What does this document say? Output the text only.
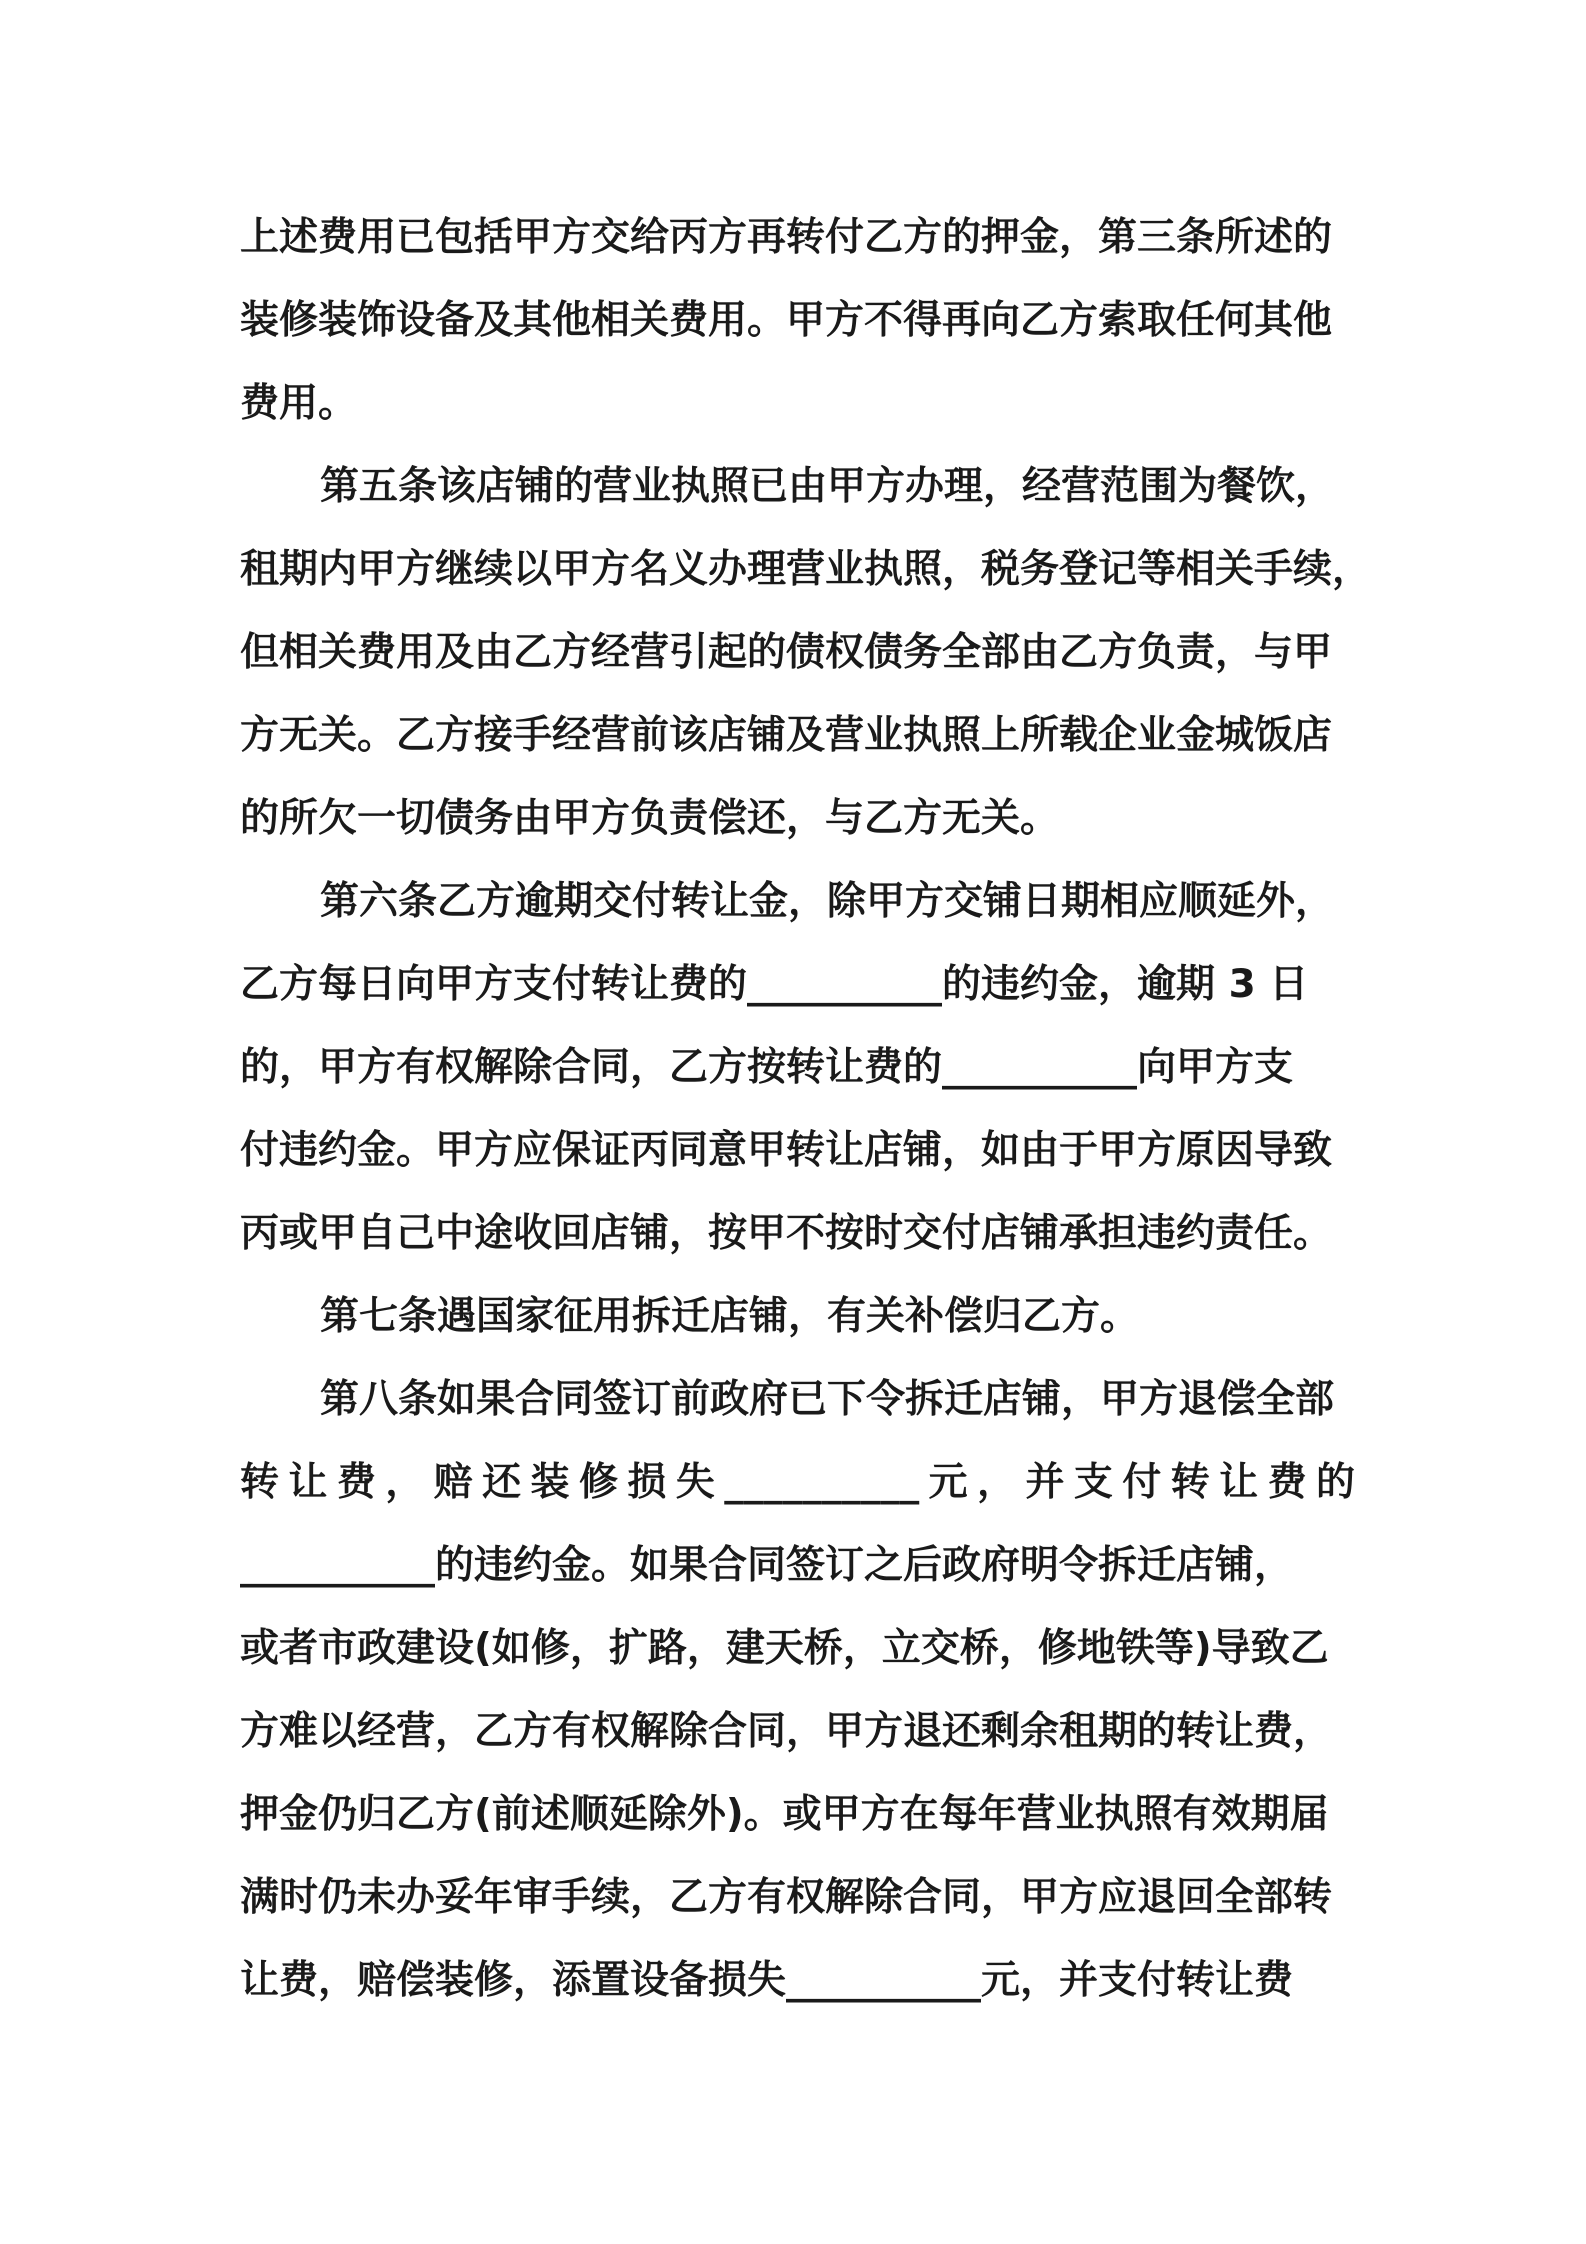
上述费用已包括甲方交给丙方再转付乙方的押金，第三条所述的
装修装饰设备及其他相关费用。甲方不得再向乙方索取任何其他
费用。
第五条该店铺的营业执照已由甲方办理，经营范围为餐饮，
租期内甲方继续以甲方名义办理营业执照，税务登记等相关手续，
但相关费用及由乙方经营引起的债权债务全部由乙方负责，与甲
方无关。乙方接手经营前该店铺及营业执照上所载企业金城饭店
的所欠一切债务由甲方负责偿还，与乙方无关。
第六条乙方逾期交付转让金，除甲方交铺日期相应顺延外，
乙方每日向甲方支付转让费的__________的违约金，逾期 3 日
的，甲方有权解除合同，乙方按转让费的__________向甲方支
付违约金。甲方应保证丙同意甲转让店铺，如由于甲方原因导致
丙或甲自己中途收回店铺，按甲不按时交付店铺承担违约责任。
第七条遇国家征用拆迁店铺，有关补偿归乙方。
第八条如果合同签订前政府已下令拆迁店铺，甲方退偿全部
转让费，赔还装修损失__________元，并支付转让费的
__________的违约金。如果合同签订之后政府明令拆迁店铺，
或者市政建设(如修，扩路，建天桥，立交桥，修地铁等)导致乙
方难以经营，乙方有权解除合同，甲方退还剩余租期的转让费，
押金仍归乙方(前述顺延除外)。或甲方在每年营业执照有效期届
满时仍未办妥年审手续，乙方有权解除合同，甲方应退回全部转
让费，赔偿装修，添置设备损失__________元，并支付转让费
